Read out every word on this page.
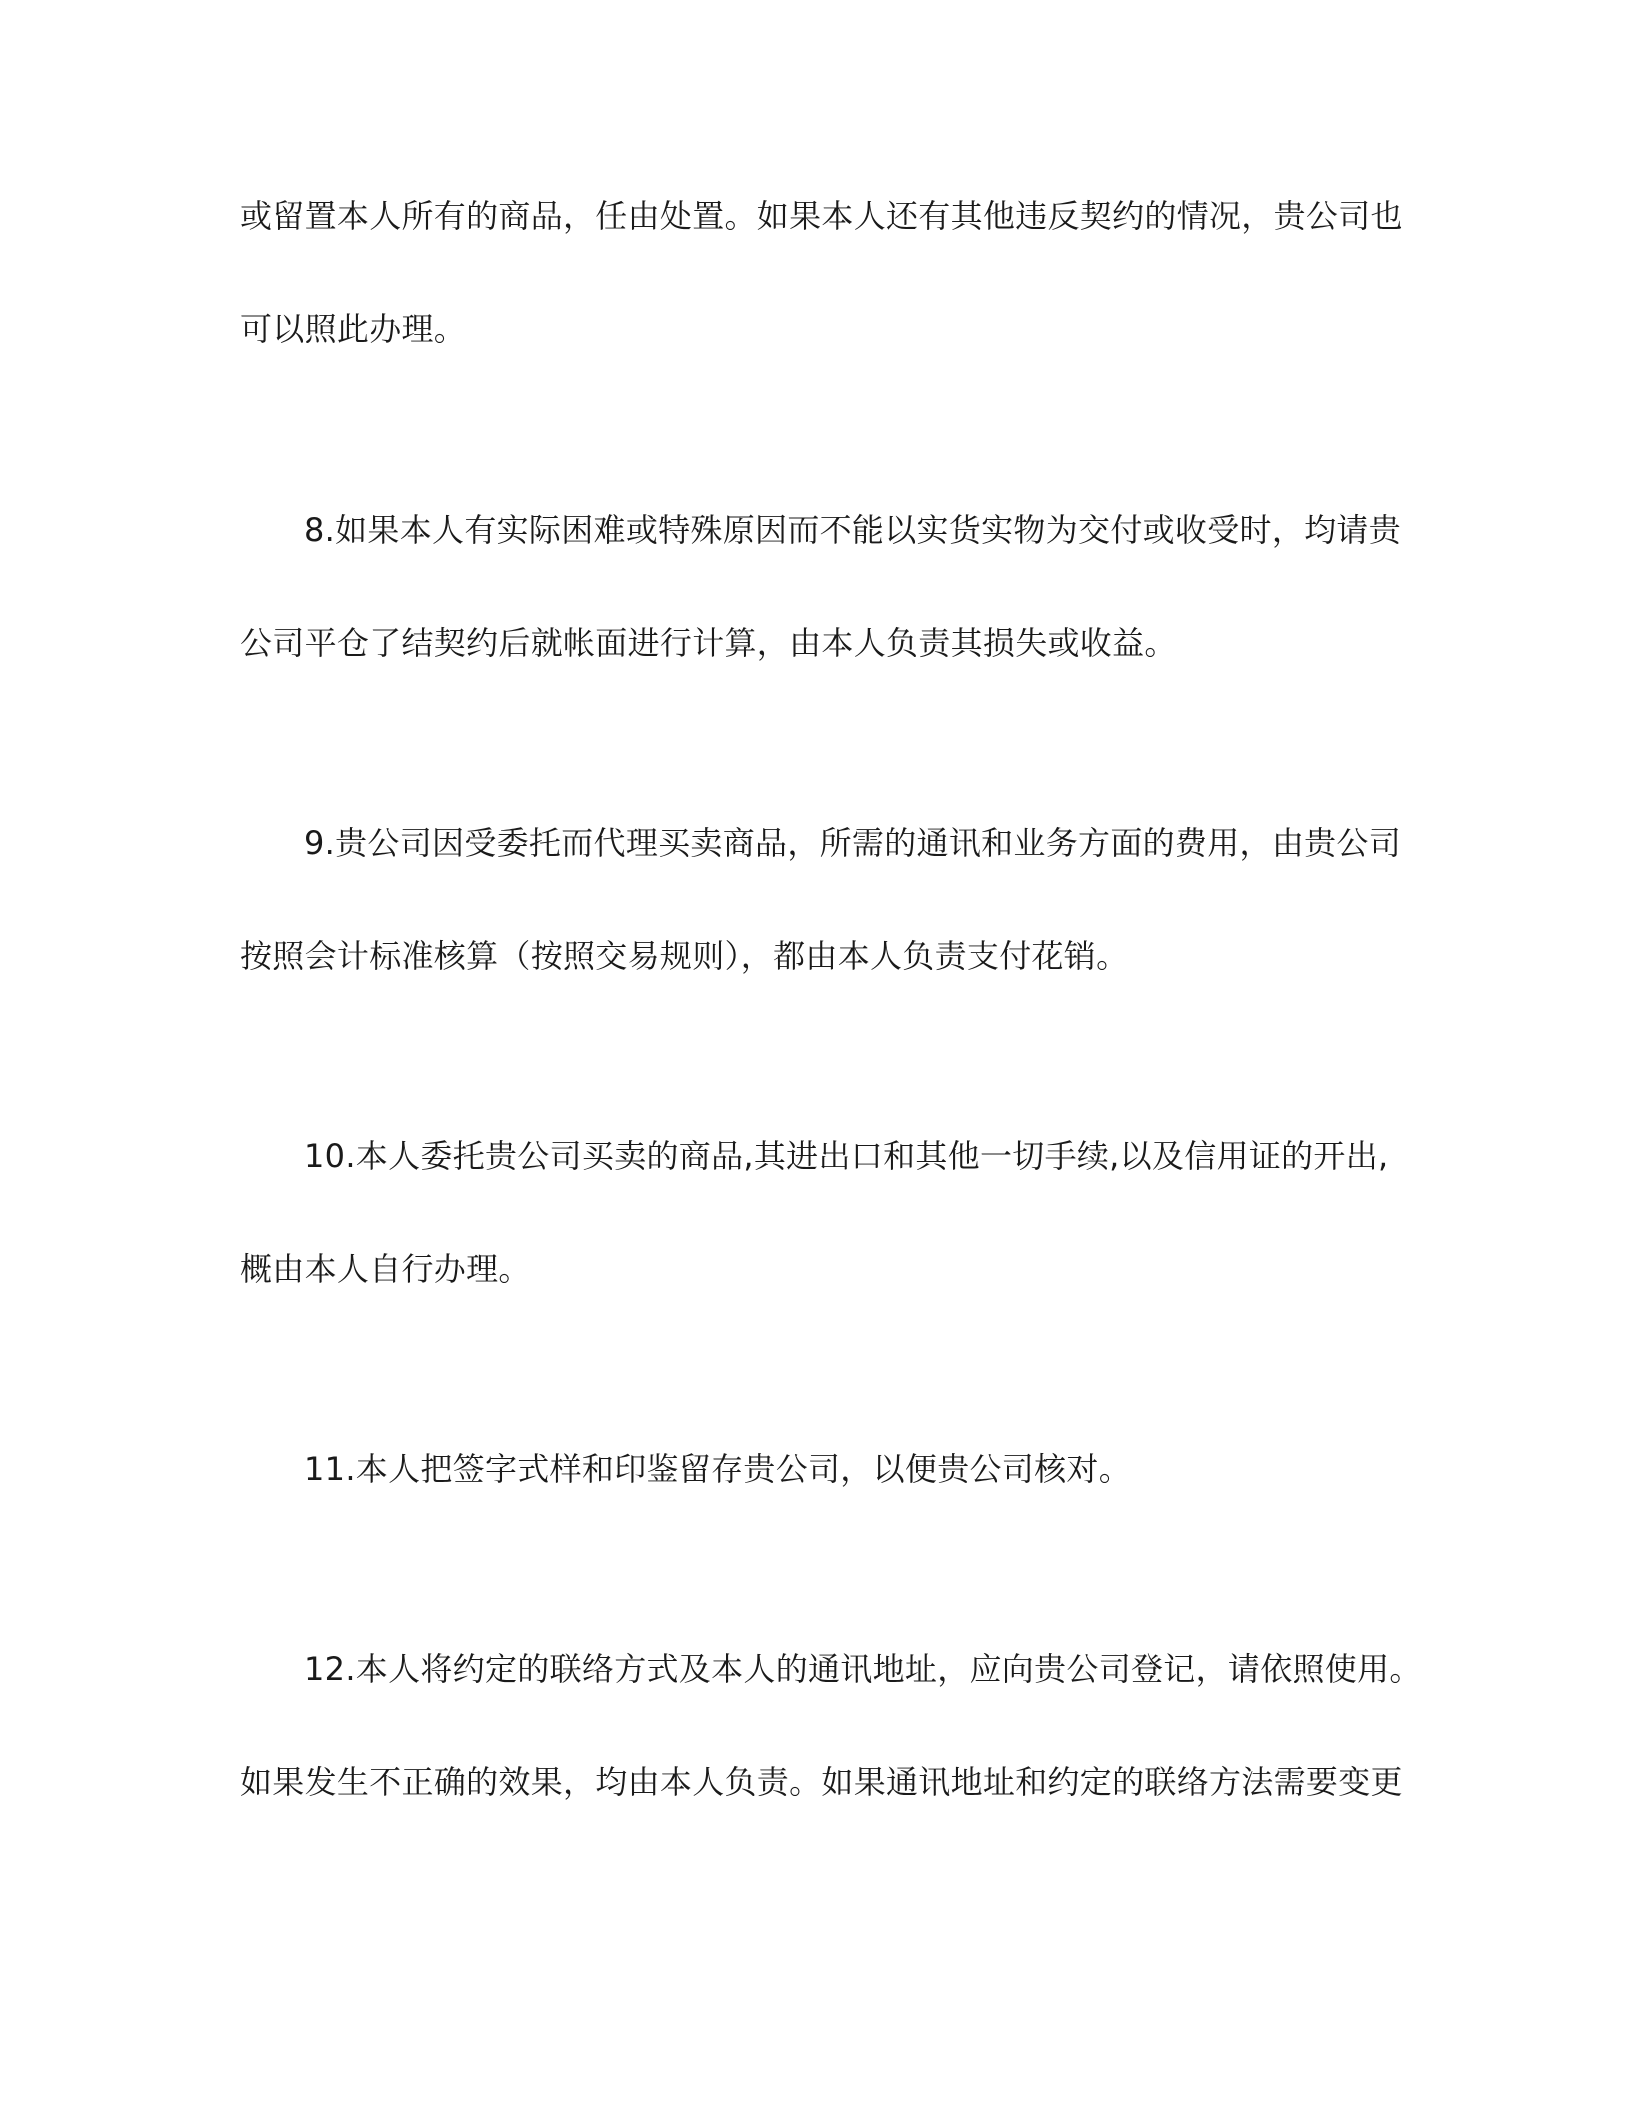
或留置本人所有的商品，任由处置。如果本人还有其他违反契约的情况，贵公司也
可以照此办理。
8.如果本人有实际困难或特殊原因而不能以实货实物为交付或收受时，均请贵
公司平仓了结契约后就帐面进行计算，由本人负责其损失或收益。
9.贵公司因受委托而代理买卖商品，所需的通讯和业务方面的费用，由贵公司
按照会计标准核算（按照交易规则），都由本人负责支付花销。
10.本人委托贵公司买卖的商品,其进出口和其他一切手续,以及信用证的开出,
概由本人自行办理。
11.本人把签字式样和印鉴留存贵公司，以便贵公司核对。
12.本人将约定的联络方式及本人的通讯地址，应向贵公司登记，请依照使用。
如果发生不正确的效果，均由本人负责。如果通讯地址和约定的联络方法需要变更
